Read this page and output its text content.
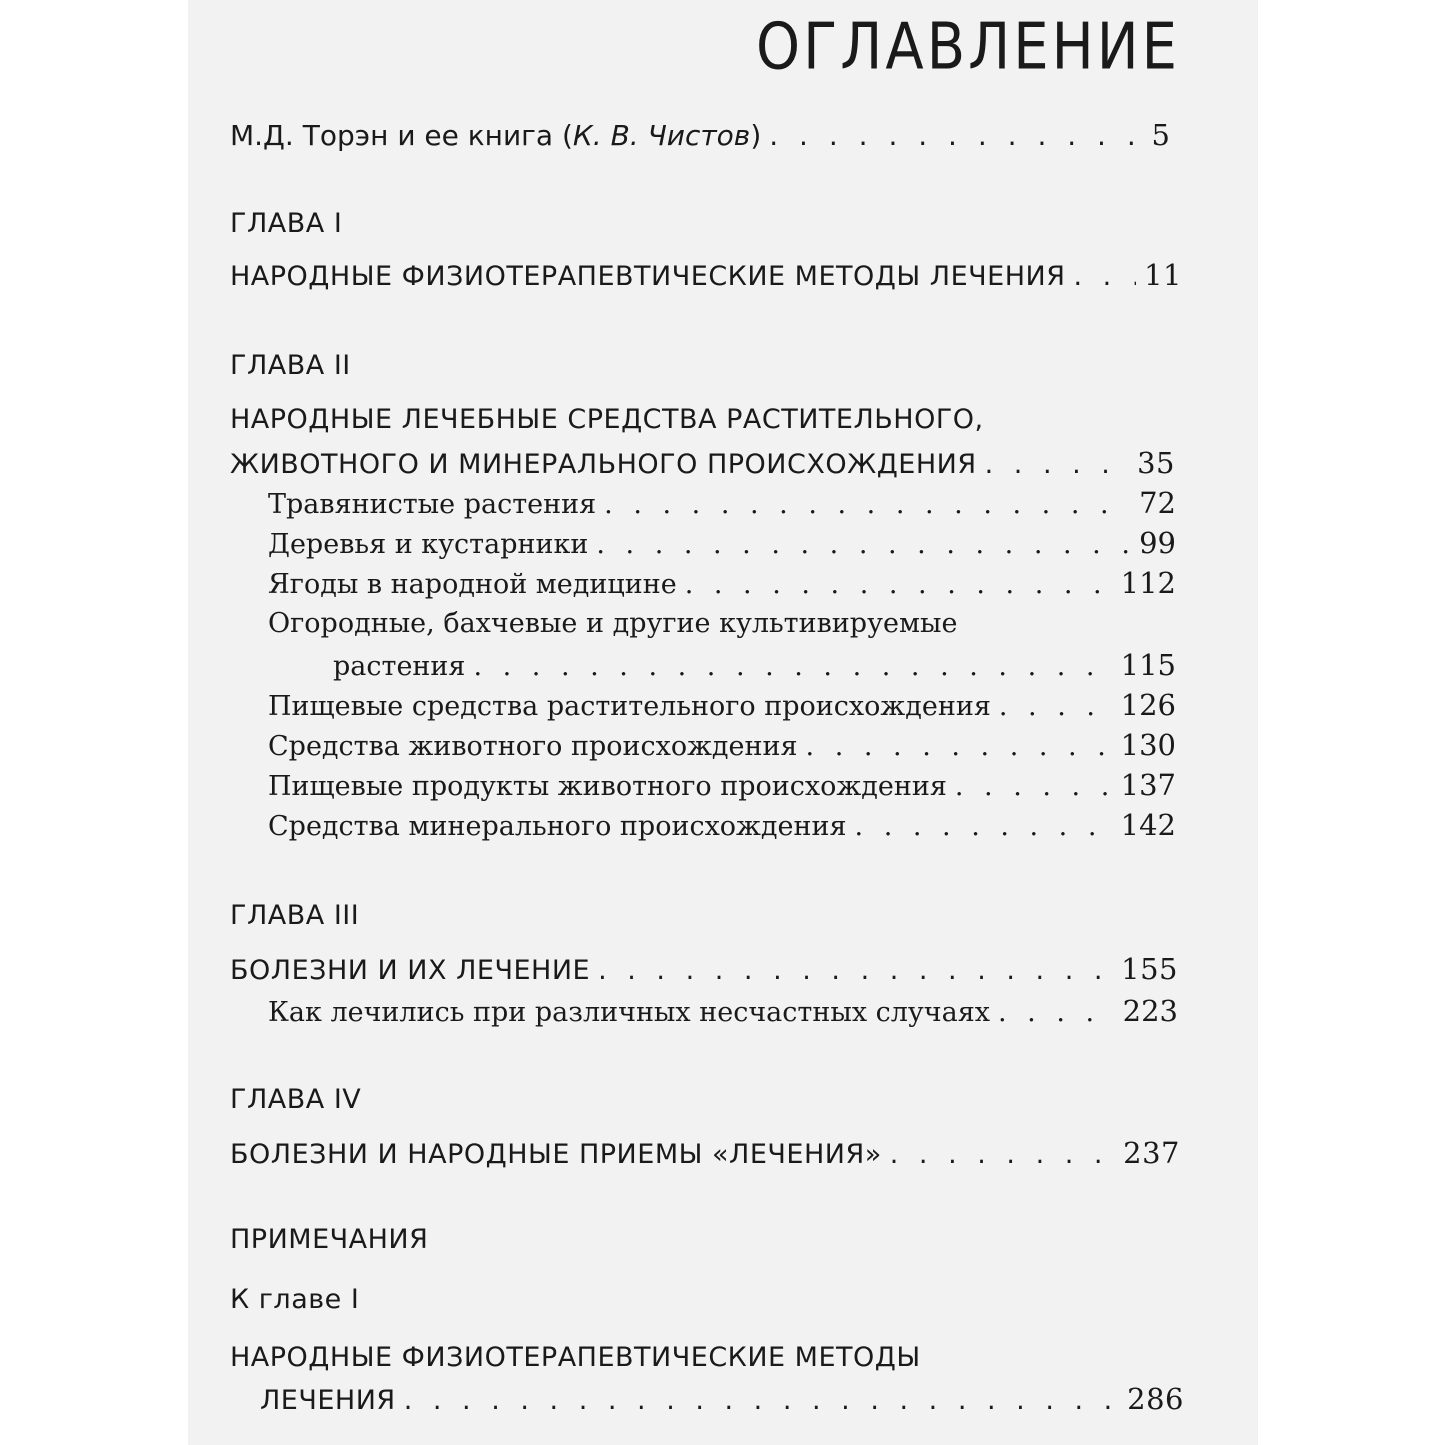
ОГЛАВЛЕНИЕ
М.Д. Торэн и ее книга (К. В. Чистов) . . .	5
ГЛАВА I
НАРОДНЫЕ ФИЗИОТЕРАПЕВТИЧЕСКИЕ МЕТОДЫ ЛЕЧЕНИЯ . . .	11
ГЛАВА II
НАРОДНЫЕ ЛЕЧЕБНЫЕ СРЕДСТВА РАСТИТЕЛЬНОГО,
ЖИВОТНОГО И МИНЕРАЛЬНОГО ПРОИСХОЖДЕНИЯ . . .	35
Травянистые растения . . .	72
Деревья и кустарники . . .	99
Ягоды в народной медицине . . .	112
Огородные, бахчевые и другие культивируемые
растения . . .	115
Пищевые средства растительного происхождения . . .	126
Средства животного происхождения . . .	130
Пищевые продукты животного происхождения . . .	137
Средства минерального происхождения . . .	142
ГЛАВА III
БОЛЕЗНИ И ИХ ЛЕЧЕНИЕ . . .	155
Как лечились при различных несчастных случаях . . .	223
ГЛАВА IV
БОЛЕЗНИ И НАРОДНЫЕ ПРИЕМЫ «ЛЕЧЕНИЯ» . . .	237
ПРИМЕЧАНИЯ
К главе I
НАРОДНЫЕ ФИЗИОТЕРАПЕВТИЧЕСКИЕ МЕТОДЫ
ЛЕЧЕНИЯ . . .	286
